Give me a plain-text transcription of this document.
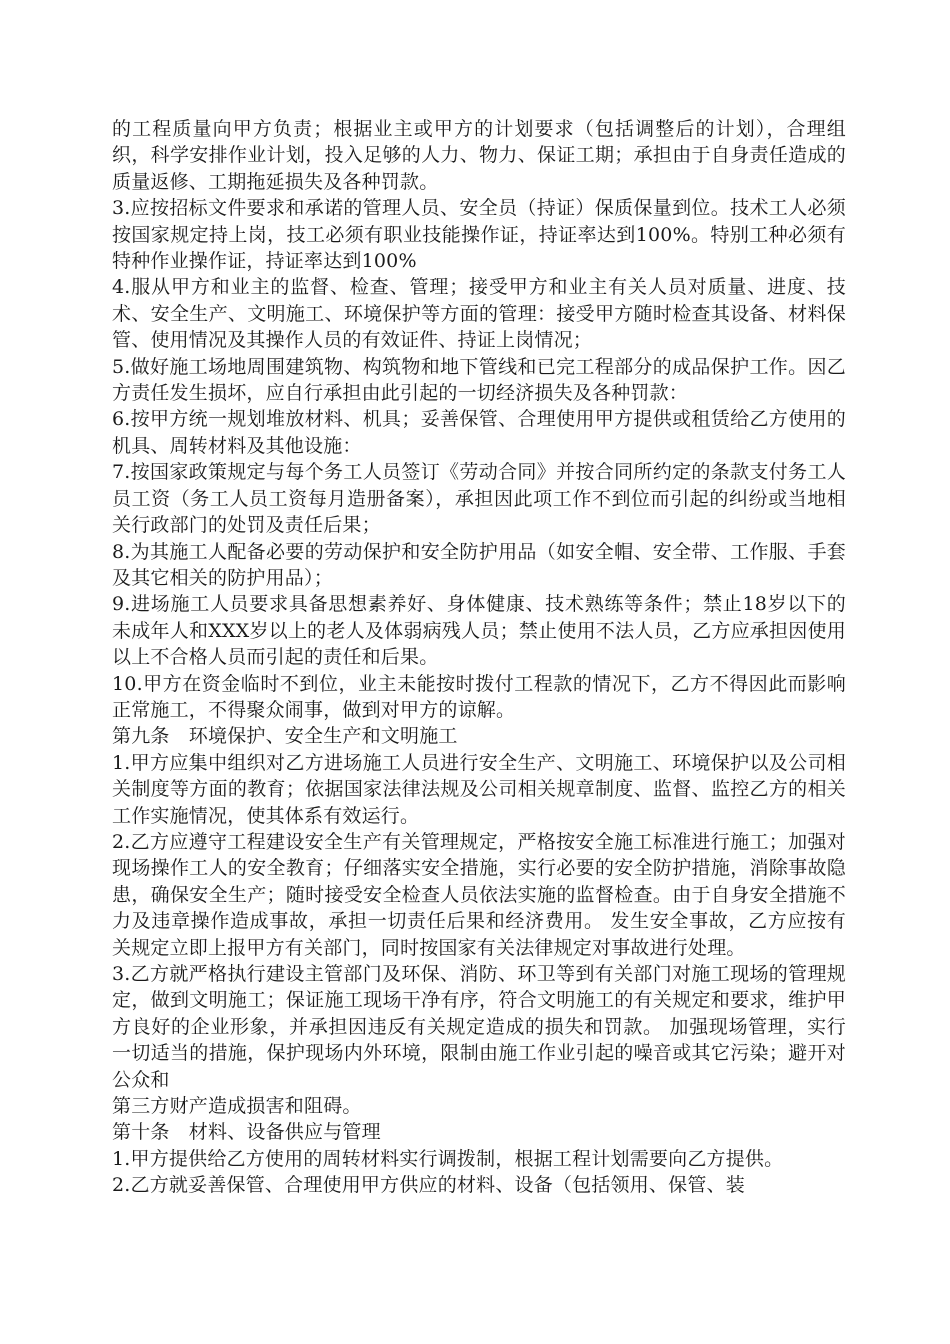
的工程质量向甲方负责；根据业主或甲方的计划要求（包括调整后的计划），合理组织，科学安排作业计划，投入足够的人力、物力、保证工期；承担由于自身责任造成的质量返修、工期拖延损失及各种罚款。

3.应按招标文件要求和承诺的管理人员、安全员（持证）保质保量到位。技术工人必须按国家规定持上岗，技工必须有职业技能操作证，持证率达到100%。特别工种必须有特种作业操作证，持证率达到100%

4.服从甲方和业主的监督、检查、管理；接受甲方和业主有关人员对质量、进度、技术、安全生产、文明施工、环境保护等方面的管理：接受甲方随时检查其设备、材料保管、使用情况及其操作人员的有效证件、持证上岗情况；

5.做好施工场地周围建筑物、构筑物和地下管线和已完工程部分的成品保护工作。因乙方责任发生损坏，应自行承担由此引起的一切经济损失及各种罚款：

6.按甲方统一规划堆放材料、机具；妥善保管、合理使用甲方提供或租赁给乙方使用的机具、周转材料及其他设施：

7.按国家政策规定与每个务工人员签订《劳动合同》并按合同所约定的条款支付务工人员工资（务工人员工资每月造册备案），承担因此项工作不到位而引起的纠纷或当地相关行政部门的处罚及责任后果；

8.为其施工人配备必要的劳动保护和安全防护用品（如安全帽、安全带、工作服、手套及其它相关的防护用品）；

9.进场施工人员要求具备思想素养好、身体健康、技术熟练等条件；禁止18岁以下的未成年人和XXX岁以上的老人及体弱病残人员；禁止使用不法人员，乙方应承担因使用以上不合格人员而引起的责任和后果。

10.甲方在资金临时不到位，业主未能按时拨付工程款的情况下，乙方不得因此而影响正常施工，不得聚众闹事，做到对甲方的谅解。

第九条　环境保护、安全生产和文明施工

1.甲方应集中组织对乙方进场施工人员进行安全生产、文明施工、环境保护以及公司相关制度等方面的教育；依据国家法律法规及公司相关规章制度、监督、监控乙方的相关工作实施情况，使其体系有效运行。

2.乙方应遵守工程建设安全生产有关管理规定，严格按安全施工标准进行施工；加强对现场操作工人的安全教育；仔细落实安全措施，实行必要的安全防护措施，消除事故隐患，确保安全生产；随时接受安全检查人员依法实施的监督检查。由于自身安全措施不力及违章操作造成事故，承担一切责任后果和经济费用。 发生安全事故，乙方应按有关规定立即上报甲方有关部门，同时按国家有关法律规定对事故进行处理。

3.乙方就严格执行建设主管部门及环保、消防、环卫等到有关部门对施工现场的管理规定，做到文明施工；保证施工现场干净有序，符合文明施工的有关规定和要求，维护甲方良好的企业形象，并承担因违反有关规定造成的损失和罚款。 加强现场管理，实行一切适当的措施，保护现场内外环境，限制由施工作业引起的噪音或其它污染；避开对公众和

第三方财产造成损害和阻碍。

第十条　材料、设备供应与管理

1.甲方提供给乙方使用的周转材料实行调拨制，根据工程计划需要向乙方提供。

2.乙方就妥善保管、合理使用甲方供应的材料、设备（包括领用、保管、装
